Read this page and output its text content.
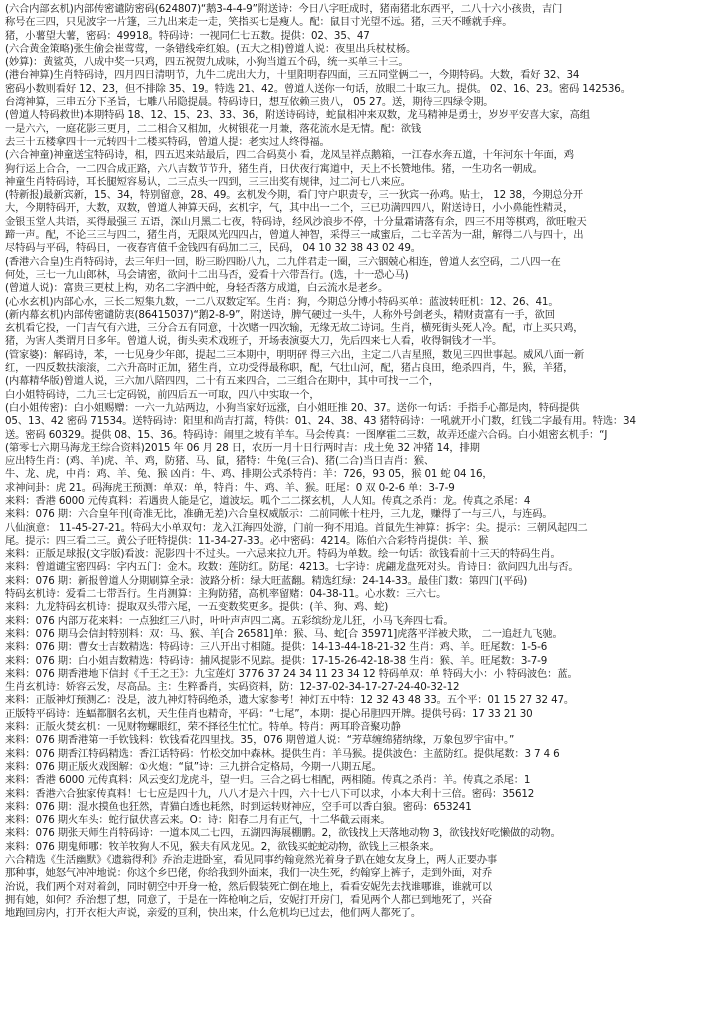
(六合内部玄机)内部传密谴防密码(624807)“鹅3-4-4-9”附送诗：今日八字旺成时，猪南猪北东西平，二八十六小孩贵，吉门
称号在三四，只见波字一片篷，三九出来走一走，笑指买七是瘦人。配：鼠目寸光望不远。猪，三天不睡就手痒。
猪，小薯望大薯，密码：49918。特码诗：一视同仁七五数。提供：02、35、47
(六合黄金策略)张生偷会崔莺莺，一条错线牵红娘。(五大之相)曾道人说：夜里出兵杖杖杨。
(妙算)：黄鲨英，八成中奖一只鸡，四五祝贺九成味，小狗当道五个码，统一买单三十三。
(港台神算)生肖特码诗，四月四日清明节，九牛二虎出大力，十里阳明春四面，三五同堂俩二一，今期特码。大数，看好 32、34
密码小数则看好 12、23，但不排除 35、19。特选 21、42。曾道人送你一句话，放眼二十取三九。提供。 02、16、23。密码 142536。
台湾神算，三串五分下圣旨，七雕八吊隐提晨。特码诗日，想互依赖三贵八， 05 27。送，期待三四绿令期。
(曾道人特码救世)本期特码 18、12、15、23、33、36，附送诗码诗，蛇鼠相冲来双数，龙马精神是勇士，岁岁平安喜大家，高组
一是六六，一庭花影三更月，二二相合又相加，火树银花一月兼，落花流水是无情。配：欲钱
去三十五楼拿四十一元转四十二楼买特码，曾道人提：老实过人终得福。
(六合神童)神童送宝特码诗，相，四五迟来站最后，四二合码莫小 看，龙凤呈祥点鹅箱，一江春水奔五道，十年河东十年面，鸡
狗行运上合合，一二四合成正路，六八吉数节节升，猪生肖，日伏夜行寓道中，天上不长赞地伟。猪，一生功名一朝成。
神童生肖特码诗，耳长腿短容易认，二三点头一四到，三三出奖有规律，过二河七八来应。
(特新报)最新宾新，15、34，特别留意，28、49。玄机发今期，看门守户职责专，三一狄宾一孙鸡。贴士， 12 38，今期总分开
大，今期特码开，大数，双数，曾道人神算天码，玄机字，气，其中出一二个，三已功满四四八，附送诗日，小小鼻能性精灵，
金银玉堂人共语，买得最强三 五语，深山月黑二七夜，特码诗，经风沙浪步不停，十分量霜请落有余，四三不用等棋鸡，欲旺啦天
蹄一声。配，不论三三与四二，猪生肖，无限凤光四四占，曾道人神智，采得三一咸蜜后，二七辛苦为一甜，解得二八与四十，出
尽特码与平码，特码日，一夜春宵值千金钱四有码加二三，民码， 04 10 32 38 43 02 49。
(香港六合皇)生肖特码诗，去三年归一回，盼三盼四盼八九，二九伴君走一圈，三六铟兢心相连，曾道人玄空码，二八四一在
何处，三七一九山郎林，马会请密，欲问十二出马否，爱看十六带吾行。(选，十一恐心马)
(曾道人说)：富贵三更杖上构，劝名二字酒中蛇，身轻否落方成道，白云流水是老乡。
(心水玄机)内部心水，三长二短集九数，一二八双数定军。生肖：狗，今期总分博小特码买单：蓝波转旺机：12、26、41。
(新内幕玄机)内部传密谴防衷(86415037)“鹅2-8-9”，附送诗，脾气硬过一头牛，人称外号剑老头，精财责富有一手，欲回
玄机看它投，一门吉气有六进，三分合五有同意，十次赌一四次输，无缘无故二诗词。生肖，横死街头死人冷。配，市上买只鸡，
猪，为害人类谓月日多年。曾道人说，街头卖术戏班子，开场表演耍大刀，先后四来七人看，收得铜钱才一半。
(管家婆)：解码诗，苯，一七见身少年郎，提起二三本期中，明明砰 得三六出，主定二八吉星照，数见三四世事起。威风八面一新
红，一四反数扶滚滚，二六升高时正加，猪生肖，立功受得最称职，配，气壮山河，配，猪占良田，绝杀四肖，牛，猴，羊猪，
(内幕精华版)曾道人说，三六加八陪四四，二十有五来四合，二三组合在期中，其中可找一二个，
白小姐特码诗，二九三七定码锐，前四后五一可取，四八中实取一个，
(白小姐传密)：白小姐赐赠：一六一九站两边，小狗当家好远涨，白小姐旺推 20、37。送你一句话：手指手心都是肉，特码提供
05、13、42 密码 71534。送特码诗：阳里和尚吉打蒿，特供：01、24、38、43 猪特码诗：一吼就开小门数，红钱二字最有用。特选：34
送。密码 60329。提供 08、15、36。特码诗：闹里之坡有羊车。马会传真：一图摩霍二三数，故弄还虚六合码。白小姐密玄机手：“J
(第零七六期马海龙王综合资料)2015 年 06 月 28 日，农历一月十日行两时吉：戌土免 32 冲猪 14，排期
应出特生肖：(鸡、羊)虎、羊、鸡，防猪、马、鼠，猪特：牛兔(三合)、猪(二合)当日吉肖：猴、
牛、龙、虎，中肖：鸡、羊、兔、猴 凶肖：牛、鸡、排期公式杀特肖：羊：726，93 05，猴 01 蛇 04 16，
求神问卦：虎 21。码海虎王预测：单双：单，特肖：牛、鸡、羊、猴。旺尾：0 双 0-2-6 单：3-7-9
来料：香港 6000 元传真料：若遇贵人能是它，道波坛。呱个二二探玄机，人人知。传真之杀肖：龙。传真之杀尾：4
来料：076 期：六合皇年刊(奇准无比，准确无差)六合皇权威版示：二前同帐十柱丹，三九龙，赚得了一与三八，与连码。
八仙演意： 11-45-27-21。特码大小单双句：龙入江海四处游，门前一狗不用追。首鼠先生神算：拆字：尖。提示：三朝风起四二
尾。提示：四三看二三。黄公子旺特提供：11-34-27-33。必中密码：4214。陈伯六合彩特肖提供：羊、猴
来料：正版足球报(文字版)看波：泥影四十不过头。一六忌来拉九开。特码为单数。绘一句话：欲钱看前十三天的特码生肖。
来料：曾道谴宝密四码：字内五门：金木。玫数：莲防红。防尾：4213。七字诗：虎翩龙盘死对头。肯诗日：欲问四九出与否。
来料：076 期：新报曾道人分期刷算全录：波路分析：绿大旺蓝翻。精选红绿：24-14-33。最佳门数：第四门(平码)
特码玄机诗：爱看二七带吾行。生肖测算：主狗防猪，高机率留赌：04-38-11。心水数：三六七。
来料：九龙特码玄机诗：提取双头带六尾，一五变数奖更多。提供：(羊、狗、鸡、蛇)
来料：076 内部万花来料：一点独红三八时，叶叶声声四二离。五彩缤纷龙儿狂，小马飞奔四七看。
来料：076 期马会信封特别料：双：马、猴、羊[合 26581]单：猴、马、蛇[合 35971]虎落平洋被犬欺， 二一追赶九飞驰。
来料：076 期：曹女士吉数精选：特码诗：三八开出寸相随。提供：14-13-44-18-21-32 生肖：鸡、羊。旺尾数：1-5-6
来料：076 期：白小姐吉数精选：特码诗：捕风捉影不见踪。提供：17-15-26-42-18-38 生肖：猴、羊。旺尾数：3-7-9
来料：076 期香港地下信封《千王之王》：九宝莲灯 3776 37 24 34 11 23 34 12 特码单双：单 特码大小：小 特码波色：蓝。
生肖玄机诗：娇容云发，尽高品。主：生粹番肖，实码资料，防：12-37-02-34-17-27-24-40-32-12
来料：正版神灯预测乙：没是，波九神灯特码绝杀，遗大家参考！神灯五中特：12 32 43 48 33。五个平：01 15 27 32 47。
正版特平码诗：连蝠都胭名玄机，天生佳肖也精奇，平码：“七尾”，本期：提心吊胆四开牌。提供号码：17 33 21 30
来料：正版火焚玄机：一见财物螺眼红，荣不择径生忙忙。特单。特肖：两耳聆音聚功静
来料：076 期香港第一手钦钱料：钦钱看花四里找。35，076 期曾道人说：“芳草缠绵猪纳缘，万象包罗宇宙中。”
来料：076 期香江特码精选：香江话特码：竹松交加中森林。提供生肖：羊马猴。提供波色：主蓝防红。提供尾数：3 7 4 6
来料：076 期正版火戏图解：①火炮：“鼠”诗：三九拼合定格局，今期一八期五尾。
来料：香港 6000 元传真料：风云变幻龙虎斗，望一归。三合之码七相配，两相随。传真之杀肖：羊。传真之杀尾：1
来料：香港六合独家传真料！七七应是四十九，八八才是六十四，六十七八下可以求，小本大利十三倍。密码：35612
来料：076 期：混水摸鱼也狂然，青猫白透也耗然，时到运转财神应，空手可以香白狼。密码：653241
来料：076 期火车头：蛇行鼠伏喜云来。O：诗：阳春二月有正气，十二华截云雨来。
来料：076 期张天师生肖特码诗：一道本凤二七四，五湖四海展棚鹏。2，欲钱找上天落地动物 3，欲钱找好吃懒做的动物。
来料：076 期鬼师哪：牧羊牧狗人不见，猴夫有风龙见。2，欲钱买蛇蛇动物，欲钱上三根条来。
六合精选《生活幽默》《遗翁得利》乔治走进卧室，看见同事约翰竟然光着身子趴在她女友身上，两人正要办事
那种事，她怒气冲冲地说：你这个乡巴佬，你给我到外面来，我们一决生死，约翰穿上裤子，走到外面，对乔
治说，我们两个对对着剑，同时朝空中开身一枪，然后假装死亡倒在地上，看看安妮先去找谁哪谁，谁就可以
拥有她，如何？乔治想了想，同意了，于是在一阵枪响之后，安妮打开房门，看见两个人都已到地死了，兴奋
地跑回房内，打开衣柜大声说，亲爱的亘利，快出来，什么危机均已过去，他们两人都死了。
